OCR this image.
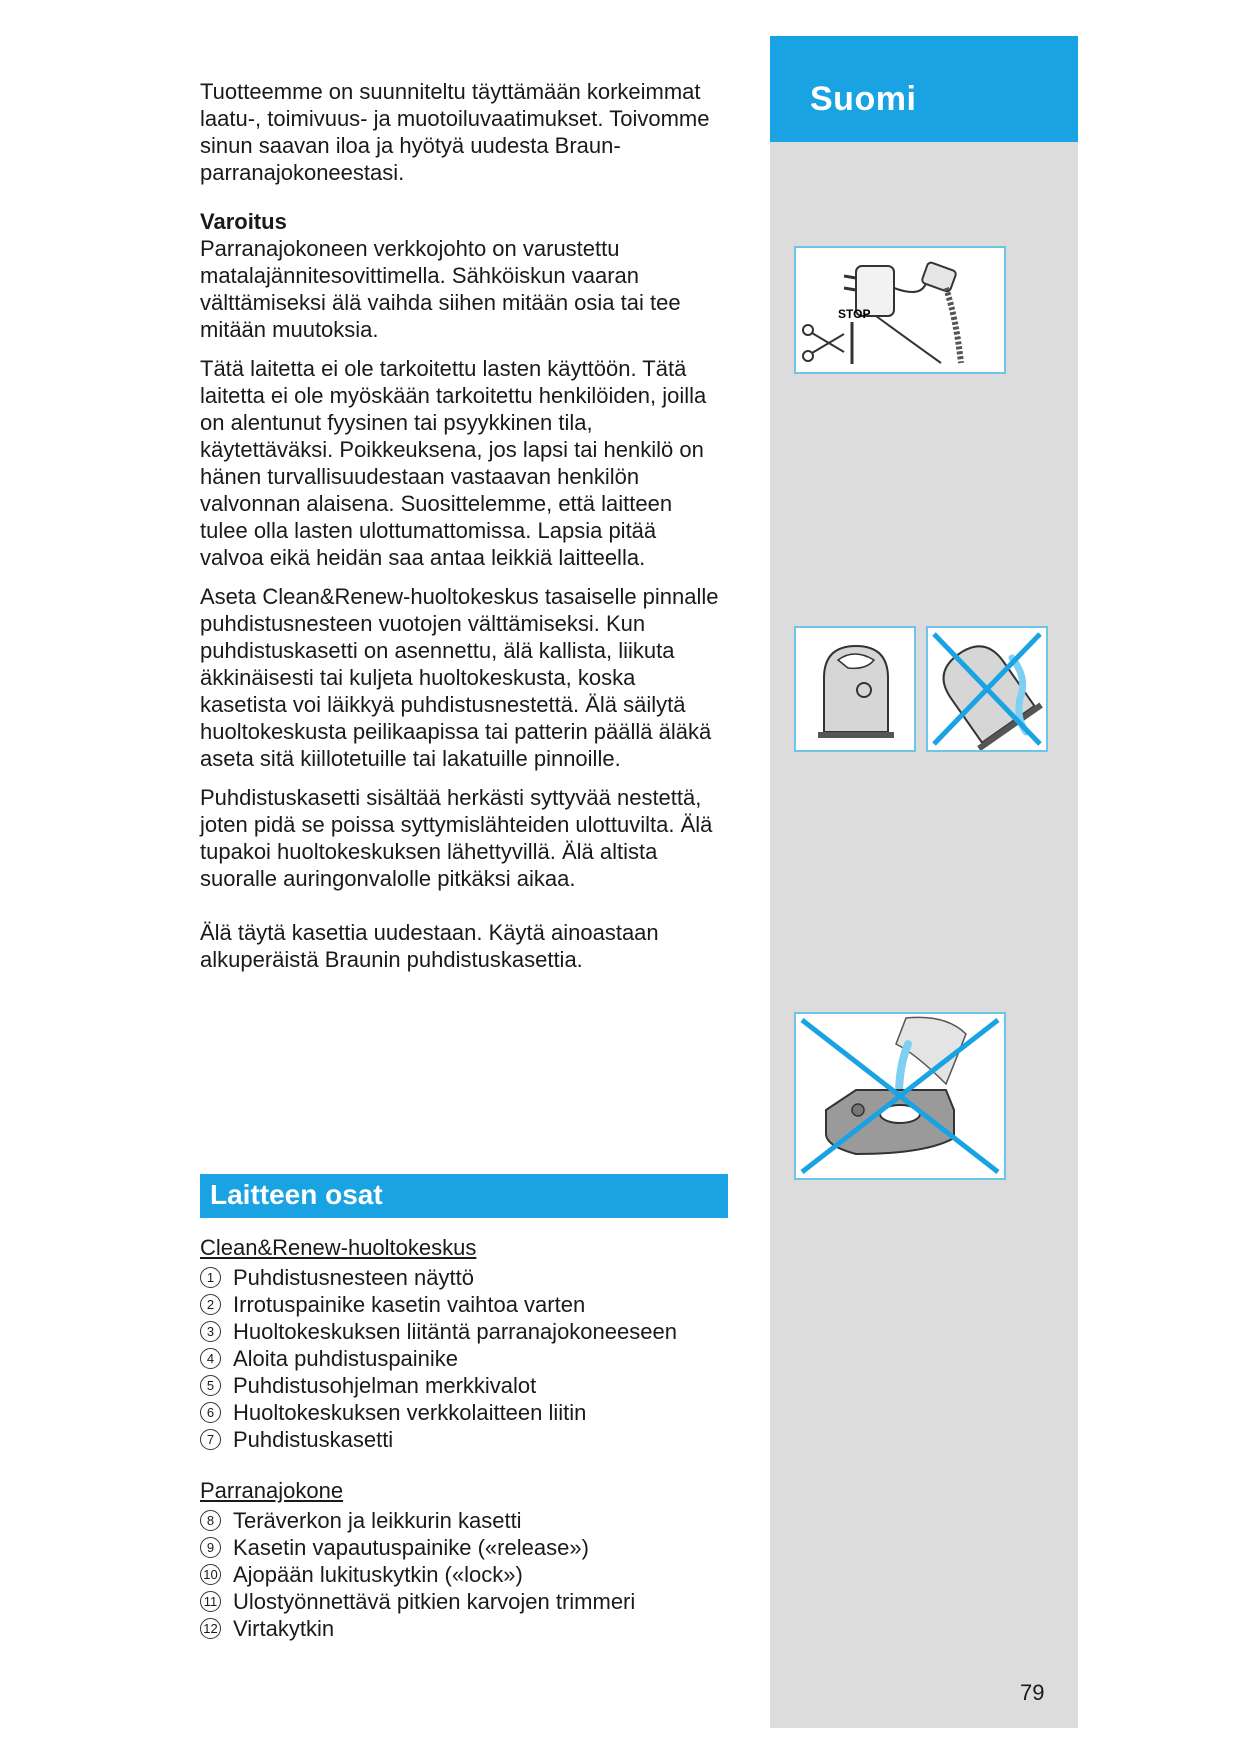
Tuotteemme on suunniteltu täyttämään korkeimmat laatu-, toimivuus- ja muotoiluvaatimukset. Toivomme sinun saavan iloa ja hyötyä uudesta Braun-parranajokoneestasi.

Varoitus

Parranajokoneen verkkojohto on varustettu matalajännitesovittimella. Sähköiskun vaaran välttämiseksi älä vaihda siihen mitään osia tai tee mitään muutoksia.

Tätä laitetta ei ole tarkoitettu lasten käyttöön. Tätä laitetta ei ole myöskään tarkoitettu henkilöiden, joilla on alentunut fyysinen tai psyykkinen tila, käytettäväksi. Poikkeuksena, jos lapsi tai henkilö on hänen turvallisuudestaan vastaavan henkilön valvonnan alaisena. Suosittelemme, että laitteen tulee olla lasten ulottumattomissa. Lapsia pitää valvoa eikä heidän saa antaa leikkiä laitteella.

Aseta Clean&Renew-huoltokeskus tasaiselle pinnalle puhdistusnesteen vuotojen välttämiseksi. Kun puhdistuskasetti on asennettu, älä kallista, liikuta äkkinäisesti tai kuljeta huoltokeskusta, koska kasetista voi läikkyä puhdistusnestettä. Älä säilytä huoltokeskusta peilikaapissa tai patterin päällä äläkä aseta sitä kiillotetuille tai lakatuille pinnoille.

Puhdistuskasetti sisältää herkästi syttyvää nestettä, joten pidä se poissa syttymislähteiden ulottuvilta. Älä tupakoi huoltokeskuksen lähettyvillä. Älä altista suoralle auringonvalolle pitkäksi aikaa.

Älä täytä kasettia uudestaan. Käytä ainoastaan alkuperäistä Braunin puhdistuskasettia.

Suomi
STOP
Laitteen osat

Clean&Renew-huoltokeskus

1 Puhdistusnesteen näyttö
2 Irrotuspainike kasetin vaihtoa varten
3 Huoltokeskuksen liitäntä parranajokoneeseen
4 Aloita puhdistuspainike
5 Puhdistusohjelman merkkivalot
6 Huoltokeskuksen verkkolaitteen liitin
7 Puhdistuskasetti

Parranajokone

8 Teräverkon ja leikkurin kasetti
9 Kasetin vapautuspainike («release»)
10 Ajopään lukituskytkin («lock»)
11 Ulostyönnettävä pitkien karvojen trimmeri
12 Virtakytkin
79
